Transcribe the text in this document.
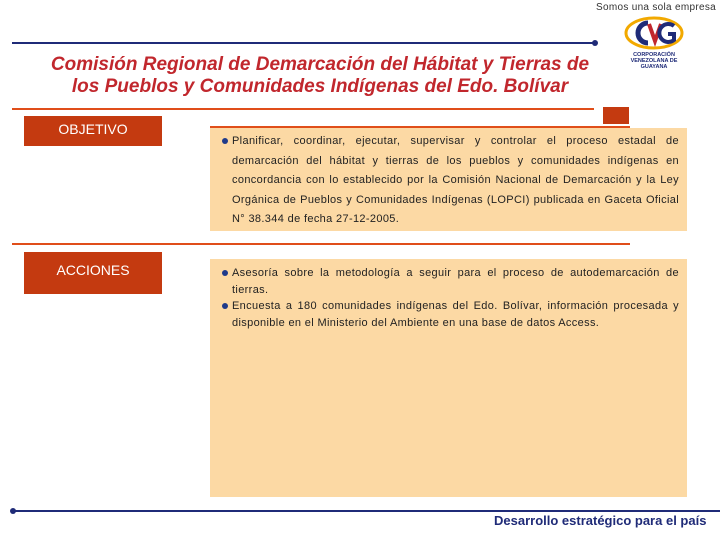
Somos una sola empresa
CORPORACIÓN
VENEZOLANA DE GUAYANA
Comisión Regional de Demarcación del Hábitat y Tierras de
los Pueblos y Comunidades Indígenas del Edo. Bolívar
OBJETIVO
Planificar, coordinar, ejecutar, supervisar y controlar el proceso estadal de demarcación del hábitat y tierras de los pueblos y comunidades indígenas en concordancia con lo establecido por la Comisión Nacional de Demarcación y la Ley Orgánica de Pueblos y Comunidades Indígenas (LOPCI) publicada en Gaceta Oficial N° 38.344 de fecha 27-12-2005.
ACCIONES	Asesoría sobre la metodología a seguir para el proceso de autodemarcación de tierras.
Encuesta a 180 comunidades indígenas del Edo. Bolívar, información procesada y disponible en el Ministerio del Ambiente en una base de datos Access.
Desarrollo estratégico para el país
